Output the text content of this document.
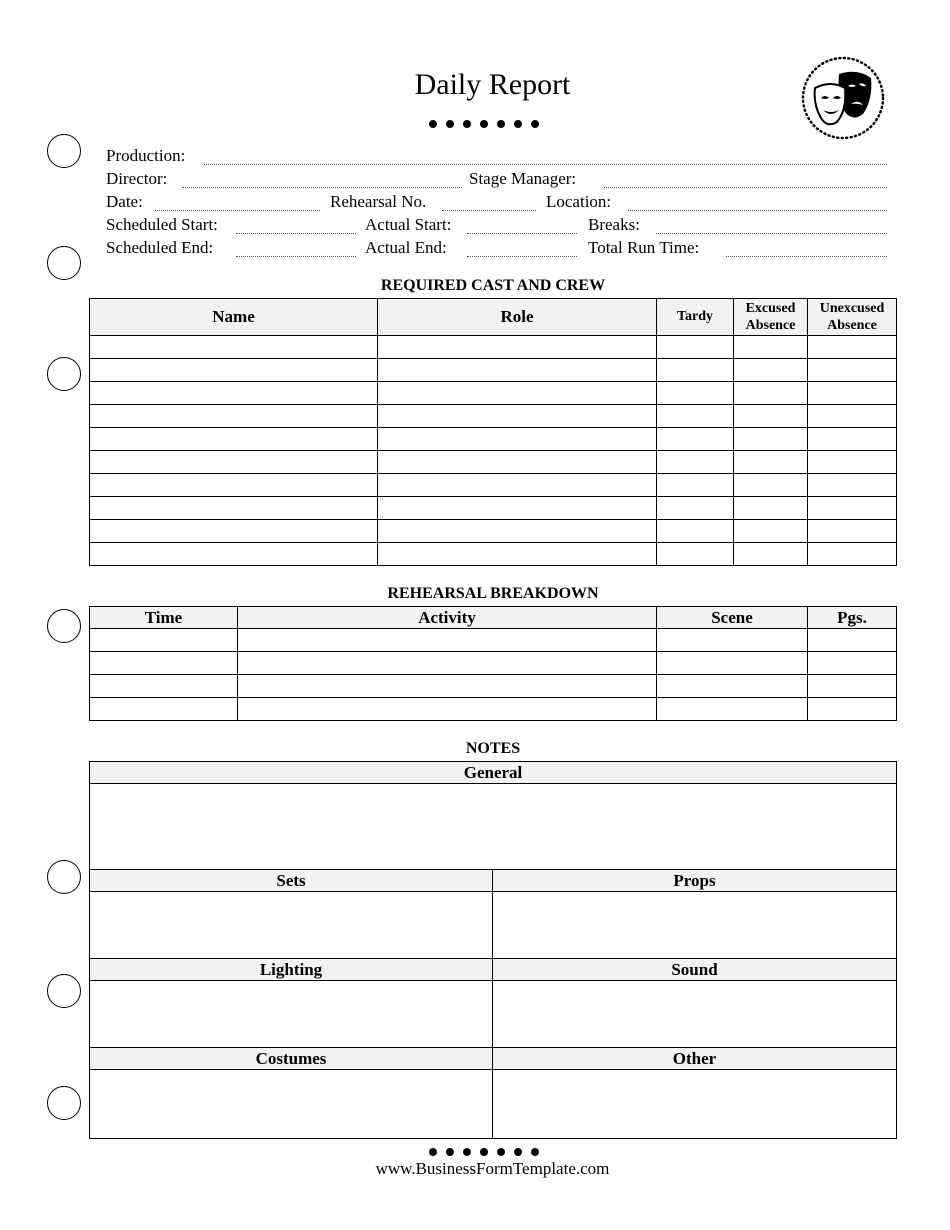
Daily Report
Production:
Director:	Stage Manager:
Date:	Rehearsal No.	Location:
Scheduled Start:	Actual Start:	Breaks:
Scheduled End:	Actual End:	Total Run Time:
REQUIRED CAST AND CREW
Name	Role	Tardy	Excused Absence	Unexcused Absence

REHEARSAL BREAKDOWN
Time	Activity	Scene	Pgs.

NOTES
General	

Sets	Props

Lighting	Sound

Costumes	Other

www.BusinessFormTemplate.com
